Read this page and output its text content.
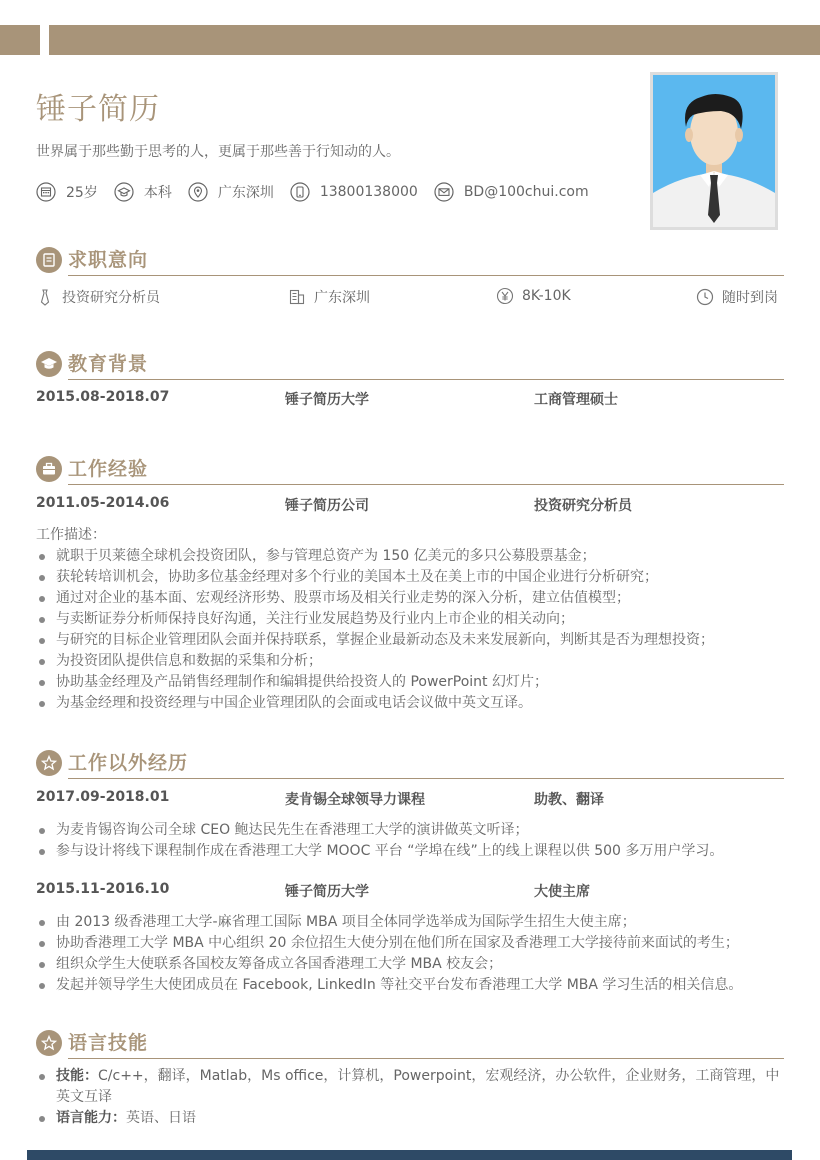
锤子简历
世界属于那些勤于思考的人，更属于那些善于行知动的人。
25岁	本科	广东深圳	13800138000	BD@100chui.com
求职意向
投资研究分析员	广东深圳	8K-10K	随时到岗
教育背景
2015.08-2018.07	锤子简历大学	工商管理硕士
工作经验
2011.05-2014.06	锤子简历公司	投资研究分析员
工作描述：
就职于贝莱德全球机会投资团队，参与管理总资产为 150 亿美元的多只公募股票基金；
获轮转培训机会，协助多位基金经理对多个行业的美国本土及在美上市的中国企业进行分析研究；
通过对企业的基本面、宏观经济形势、股票市场及相关行业走势的深入分析，建立估值模型；
与卖断证券分析师保持良好沟通，关注行业发展趋势及行业内上市企业的相关动向；
与研究的目标企业管理团队会面并保持联系，掌握企业最新动态及未来发展新向，判断其是否为理想投资；
为投资团队提供信息和数据的采集和分析；
协助基金经理及产品销售经理制作和编辑提供给投资人的 PowerPoint 幻灯片；
为基金经理和投资经理与中国企业管理团队的会面或电话会议做中英文互译。
工作以外经历
2017.09-2018.01	麦肯锡全球领导力课程	助教、翻译
为麦肯锡咨询公司全球 CEO 鲍达民先生在香港理工大学的演讲做英文听译；
参与设计将线下课程制作成在香港理工大学 MOOC 平台 “学埠在线”上的线上课程以供 500 多万用户学习。
2015.11-2016.10	锤子简历大学	大使主席
由 2013 级香港理工大学-麻省理工国际 MBA 项目全体同学选举成为国际学生招生大使主席；
协助香港理工大学 MBA 中心组织 20 余位招生大使分别在他们所在国家及香港理工大学接待前来面试的考生；
组织众学生大使联系各国校友筹备成立各国香港理工大学 MBA 校友会；
发起并领导学生大使团成员在 Facebook, LinkedIn 等社交平台发布香港理工大学 MBA 学习生活的相关信息。
语言技能
技能：C/c++，翻译，Matlab，Ms office，计算机，Powerpoint，宏观经济，办公软件，企业财务，工商管理，中英文互译
语言能力：英语、日语
